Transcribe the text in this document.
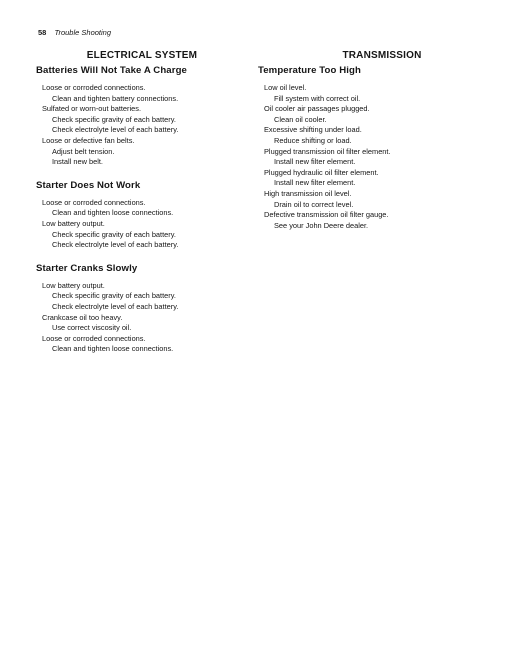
58 Trouble Shooting
ELECTRICAL SYSTEM
Batteries Will Not Take A Charge
Loose or corroded connections.
Clean and tighten battery connections.
Sulfated or worn-out batteries.
Check specific gravity of each battery.
Check electrolyte level of each battery.
Loose or defective fan belts.
Adjust belt tension.
Install new belt.
Starter Does Not Work
Loose or corroded connections.
Clean and tighten loose connections.
Low battery output.
Check specific gravity of each battery.
Check electrolyte level of each battery.
Starter Cranks Slowly
Low battery output.
Check specific gravity of each battery.
Check electrolyte level of each battery.
Crankcase oil too heavy.
Use correct viscosity oil.
Loose or corroded connections.
Clean and tighten loose connections.
TRANSMISSION
Temperature Too High
Low oil level.
Fill system with correct oil.
Oil cooler air passages plugged.
Clean oil cooler.
Excessive shifting under load.
Reduce shifting or load.
Plugged transmission oil filter element.
Install new filter element.
Plugged hydraulic oil filter element.
Install new filter element.
High transmission oil level.
Drain oil to correct level.
Defective transmission oil filter gauge.
See your John Deere dealer.
